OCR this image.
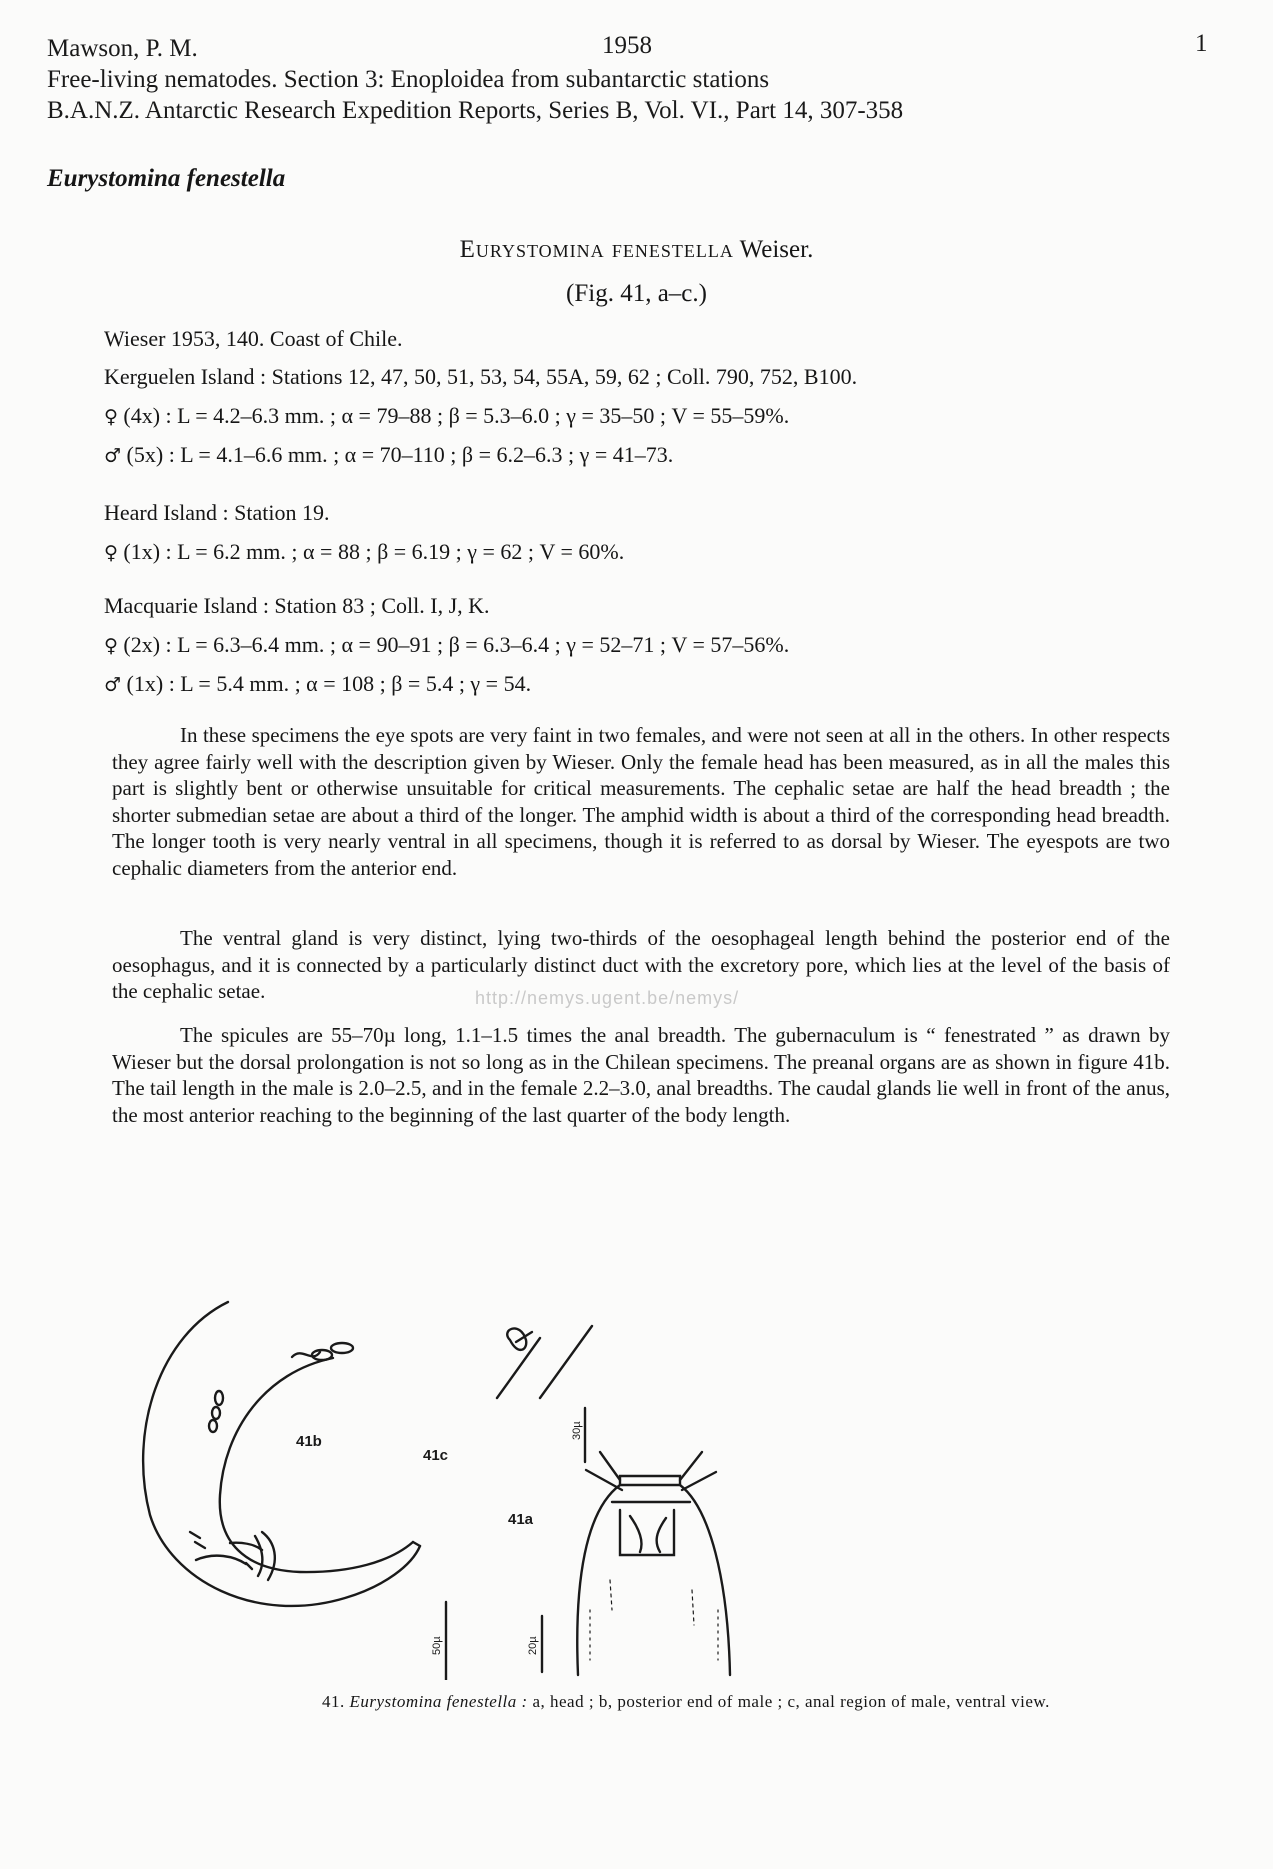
Mawson, P. M.	1958	1
Free-living nematodes. Section 3: Enoploidea from subantarctic stations
B.A.N.Z. Antarctic Research Expedition Reports, Series B, Vol. VI., Part 14, 307-358
Eurystomina fenestella
Eurystomina fenestella Weiser.
(Fig. 41, a–c.)
Wieser 1953, 140. Coast of Chile.
Kerguelen Island : Stations 12, 47, 50, 51, 53, 54, 55A, 59, 62 ; Coll. 790, 752, B100.
♀ (4x) : L = 4.2–6.3 mm. ; α = 79–88 ; β = 5.3–6.0 ; γ = 35–50 ; V = 55–59%.
♂ (5x) : L = 4.1–6.6 mm. ; α = 70–110 ; β = 6.2–6.3 ; γ = 41–73.
Heard Island : Station 19.
♀ (1x) : L = 6.2 mm. ; α = 88 ; β = 6.19 ; γ = 62 ; V = 60%.
Macquarie Island : Station 83 ; Coll. I, J, K.
♀ (2x) : L = 6.3–6.4 mm. ; α = 90–91 ; β = 6.3–6.4 ; γ = 52–71 ; V = 57–56%.
♂ (1x) : L = 5.4 mm. ; α = 108 ; β = 5.4 ; γ = 54.
In these specimens the eye spots are very faint in two females, and were not seen at all in the others. In other respects they agree fairly well with the description given by Wieser. Only the female head has been measured, as in all the males this part is slightly bent or otherwise unsuitable for critical measurements. The cephalic setae are half the head breadth ; the shorter submedian setae are about a third of the longer. The amphid width is about a third of the corresponding head breadth. The longer tooth is very nearly ventral in all specimens, though it is referred to as dorsal by Wieser. The eyespots are two cephalic diameters from the anterior end.
The ventral gland is very distinct, lying two-thirds of the oesophageal length behind the posterior end of the oesophagus, and it is connected by a particularly distinct duct with the excretory pore, which lies at the level of the basis of the cephalic setae.
The spicules are 55–70µ long, 1.1–1.5 times the anal breadth. The gubernaculum is “ fenestrated ” as drawn by Wieser but the dorsal prolongation is not so long as in the Chilean specimens. The preanal organs are as shown in figure 41b. The tail length in the male is 2.0–2.5, and in the female 2.2–3.0, anal breadths. The caudal glands lie well in front of the anus, the most anterior reaching to the beginning of the last quarter of the body length.
http://nemys.ugent.be/nemys/
41b
41c
41a
30µ
50µ	20µ
41. Eurystomina fenestella : a, head ; b, posterior end of male ; c, anal region of male, ventral view.
